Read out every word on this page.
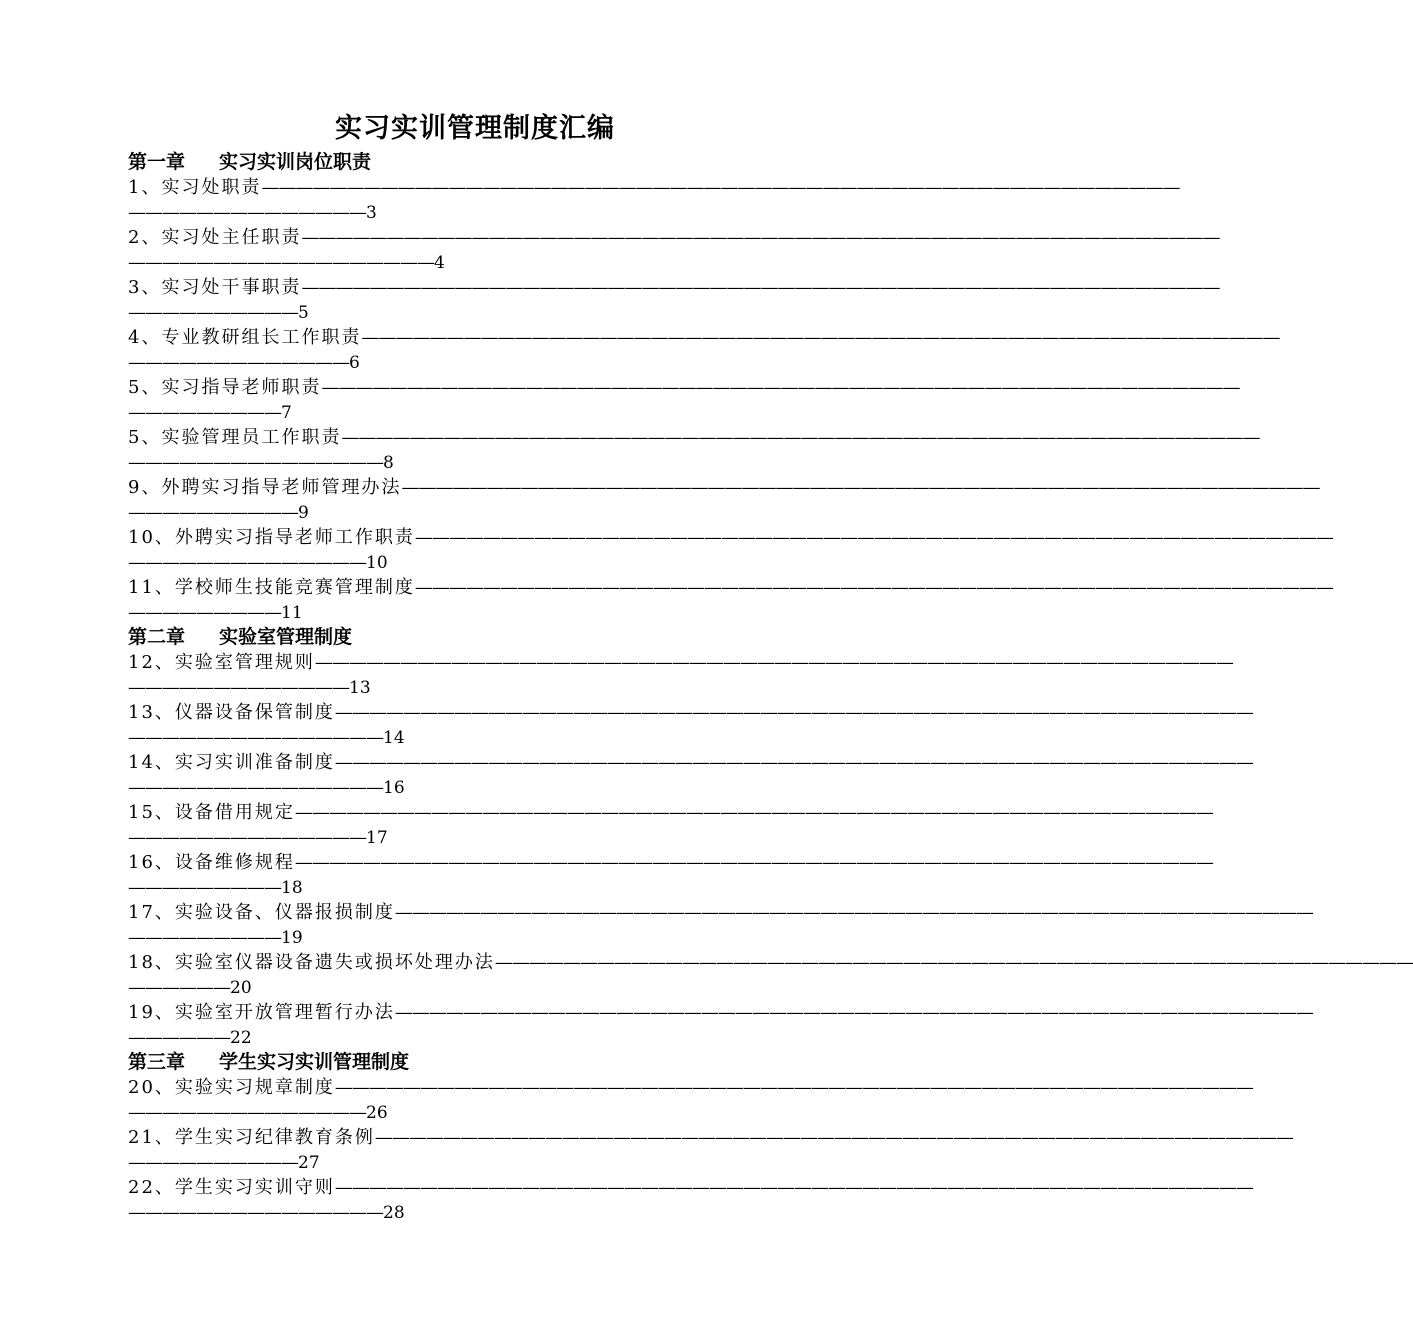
实习实训管理制度汇编
第一章 实习实训岗位职责
1、实习处职责 ——————————————————————————————————————————————————————
——————————————3
2、实习处主任职责 ——————————————————————————————————————————————————————
——————————————————4
3、实习处干事职责 ——————————————————————————————————————————————————————
——————————5
4、专业教研组长工作职责 ——————————————————————————————————————————————————————
—————————————6
5、实习指导老师职责 ——————————————————————————————————————————————————————
—————————7
5、实验管理员工作职责 ——————————————————————————————————————————————————————
———————————————8
9、外聘实习指导老师管理办法 ——————————————————————————————————————————————————————
——————————9
10、外聘实习指导老师工作职责 ——————————————————————————————————————————————————————
——————————————10
11、学校师生技能竞赛管理制度 ——————————————————————————————————————————————————————
—————————11
第二章 实验室管理制度
12、实验室管理规则 ——————————————————————————————————————————————————————
—————————————13
13、仪器设备保管制度 ——————————————————————————————————————————————————————
———————————————14
14、实习实训准备制度 ——————————————————————————————————————————————————————
———————————————16
15、设备借用规定 ——————————————————————————————————————————————————————
——————————————17
16、设备维修规程 ——————————————————————————————————————————————————————
—————————18
17、实验设备、仪器报损制度 ——————————————————————————————————————————————————————
—————————19
18、实验室仪器设备遗失或损坏处理办法 ——————————————————————————————————————————————————————
——————20
19、实验室开放管理暂行办法 ——————————————————————————————————————————————————————
——————22
第三章 学生实习实训管理制度
20、实验实习规章制度 ——————————————————————————————————————————————————————
——————————————26
21、学生实习纪律教育条例 ——————————————————————————————————————————————————————
——————————27
22、学生实习实训守则 ——————————————————————————————————————————————————————
———————————————28
